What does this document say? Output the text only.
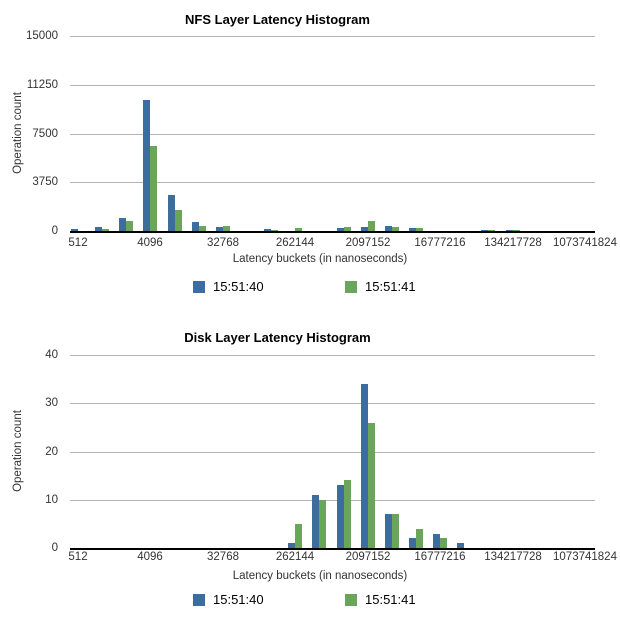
NFS Layer Latency Histogram
Operation count
Latency buckets (in nanoseconds)
15:51:40	15:51:41
Disk Layer Latency Histogram
Operation count
Latency buckets (in nanoseconds)
15:51:40	15:51:41
0
3750
7500
11250
15000
512	4096	32768	262144	2097152 16777216 134217728 1073741824
0
10
20
30
40
512	4096	32768	262144	2097152 16777216 134217728 1073741824
